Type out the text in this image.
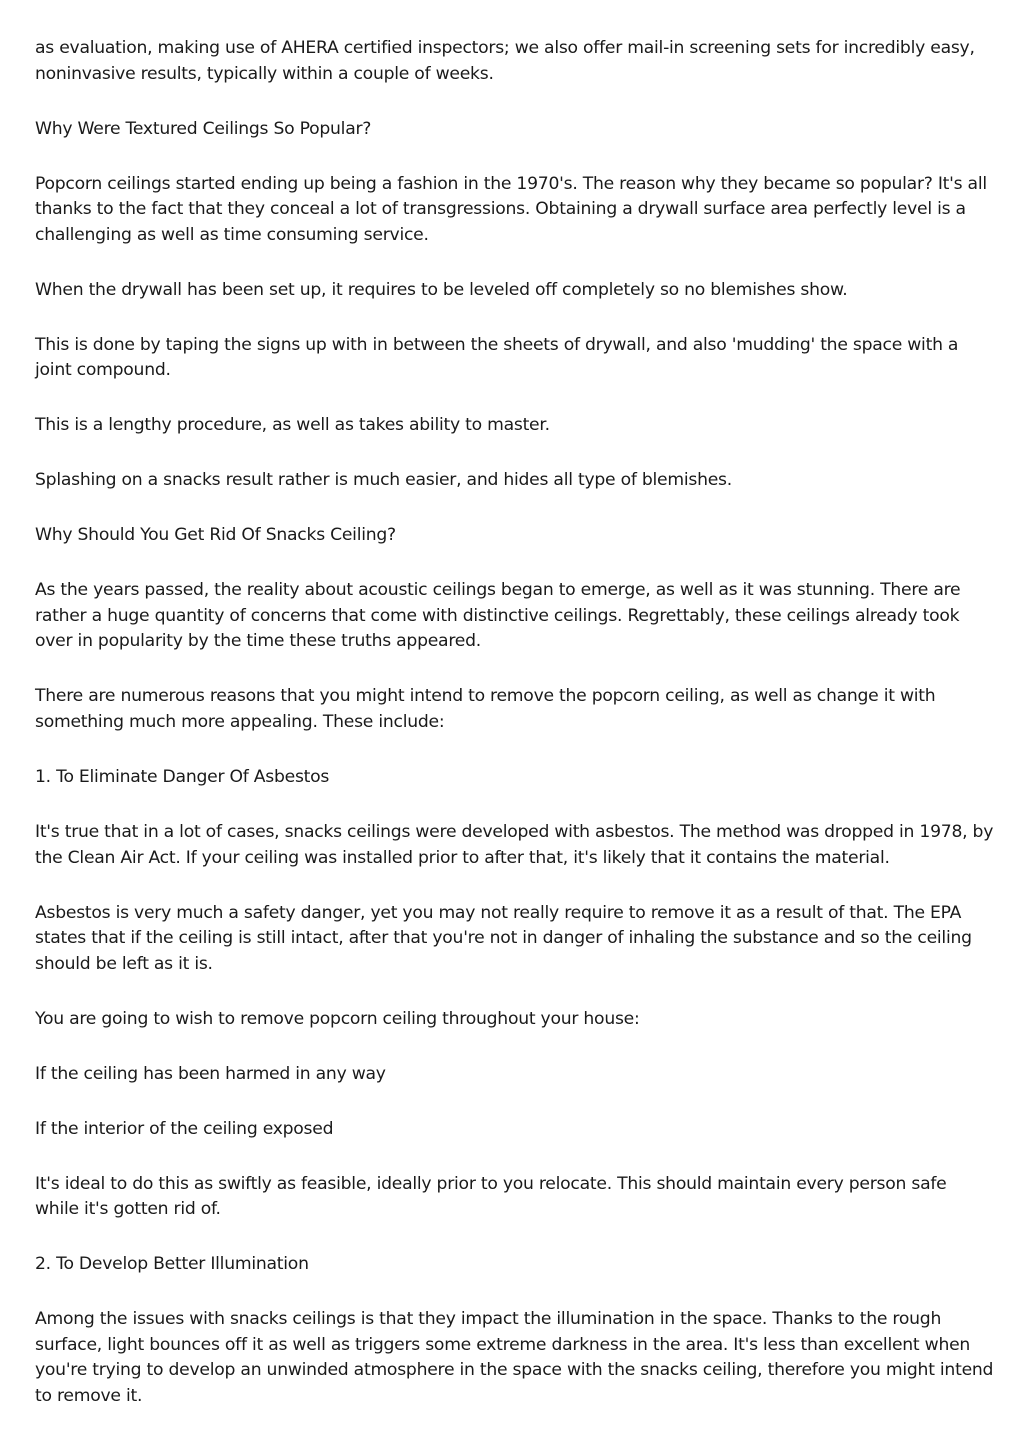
as evaluation, making use of AHERA certified inspectors; we also offer mail-in screening sets for incredibly easy, noninvasive results, typically within a couple of weeks.

Why Were Textured Ceilings So Popular?

Popcorn ceilings started ending up being a fashion in the 1970's. The reason why they became so popular? It's all thanks to the fact that they conceal a lot of transgressions. Obtaining a drywall surface area perfectly level is a challenging as well as time consuming service.

When the drywall has been set up, it requires to be leveled off completely so no blemishes show.

This is done by taping the signs up with in between the sheets of drywall, and also 'mudding' the space with a joint compound.

This is a lengthy procedure, as well as takes ability to master.

Splashing on a snacks result rather is much easier, and hides all type of blemishes.

Why Should You Get Rid Of Snacks Ceiling?

As the years passed, the reality about acoustic ceilings began to emerge, as well as it was stunning. There are rather a huge quantity of concerns that come with distinctive ceilings. Regrettably, these ceilings already took over in popularity by the time these truths appeared.

There are numerous reasons that you might intend to remove the popcorn ceiling, as well as change it with something much more appealing. These include:

1. To Eliminate Danger Of Asbestos

It's true that in a lot of cases, snacks ceilings were developed with asbestos. The method was dropped in 1978, by the Clean Air Act. If your ceiling was installed prior to after that, it's likely that it contains the material.

Asbestos is very much a safety danger, yet you may not really require to remove it as a result of that. The EPA states that if the ceiling is still intact, after that you're not in danger of inhaling the substance and so the ceiling should be left as it is.

You are going to wish to remove popcorn ceiling throughout your house:

If the ceiling has been harmed in any way

If the interior of the ceiling exposed

It's ideal to do this as swiftly as feasible, ideally prior to you relocate. This should maintain every person safe while it's gotten rid of.

2. To Develop Better Illumination

Among the issues with snacks ceilings is that they impact the illumination in the space. Thanks to the rough surface, light bounces off it as well as triggers some extreme darkness in the area. It's less than excellent when you're trying to develop an unwinded atmosphere in the space with the snacks ceiling, therefore you might intend to remove it.
